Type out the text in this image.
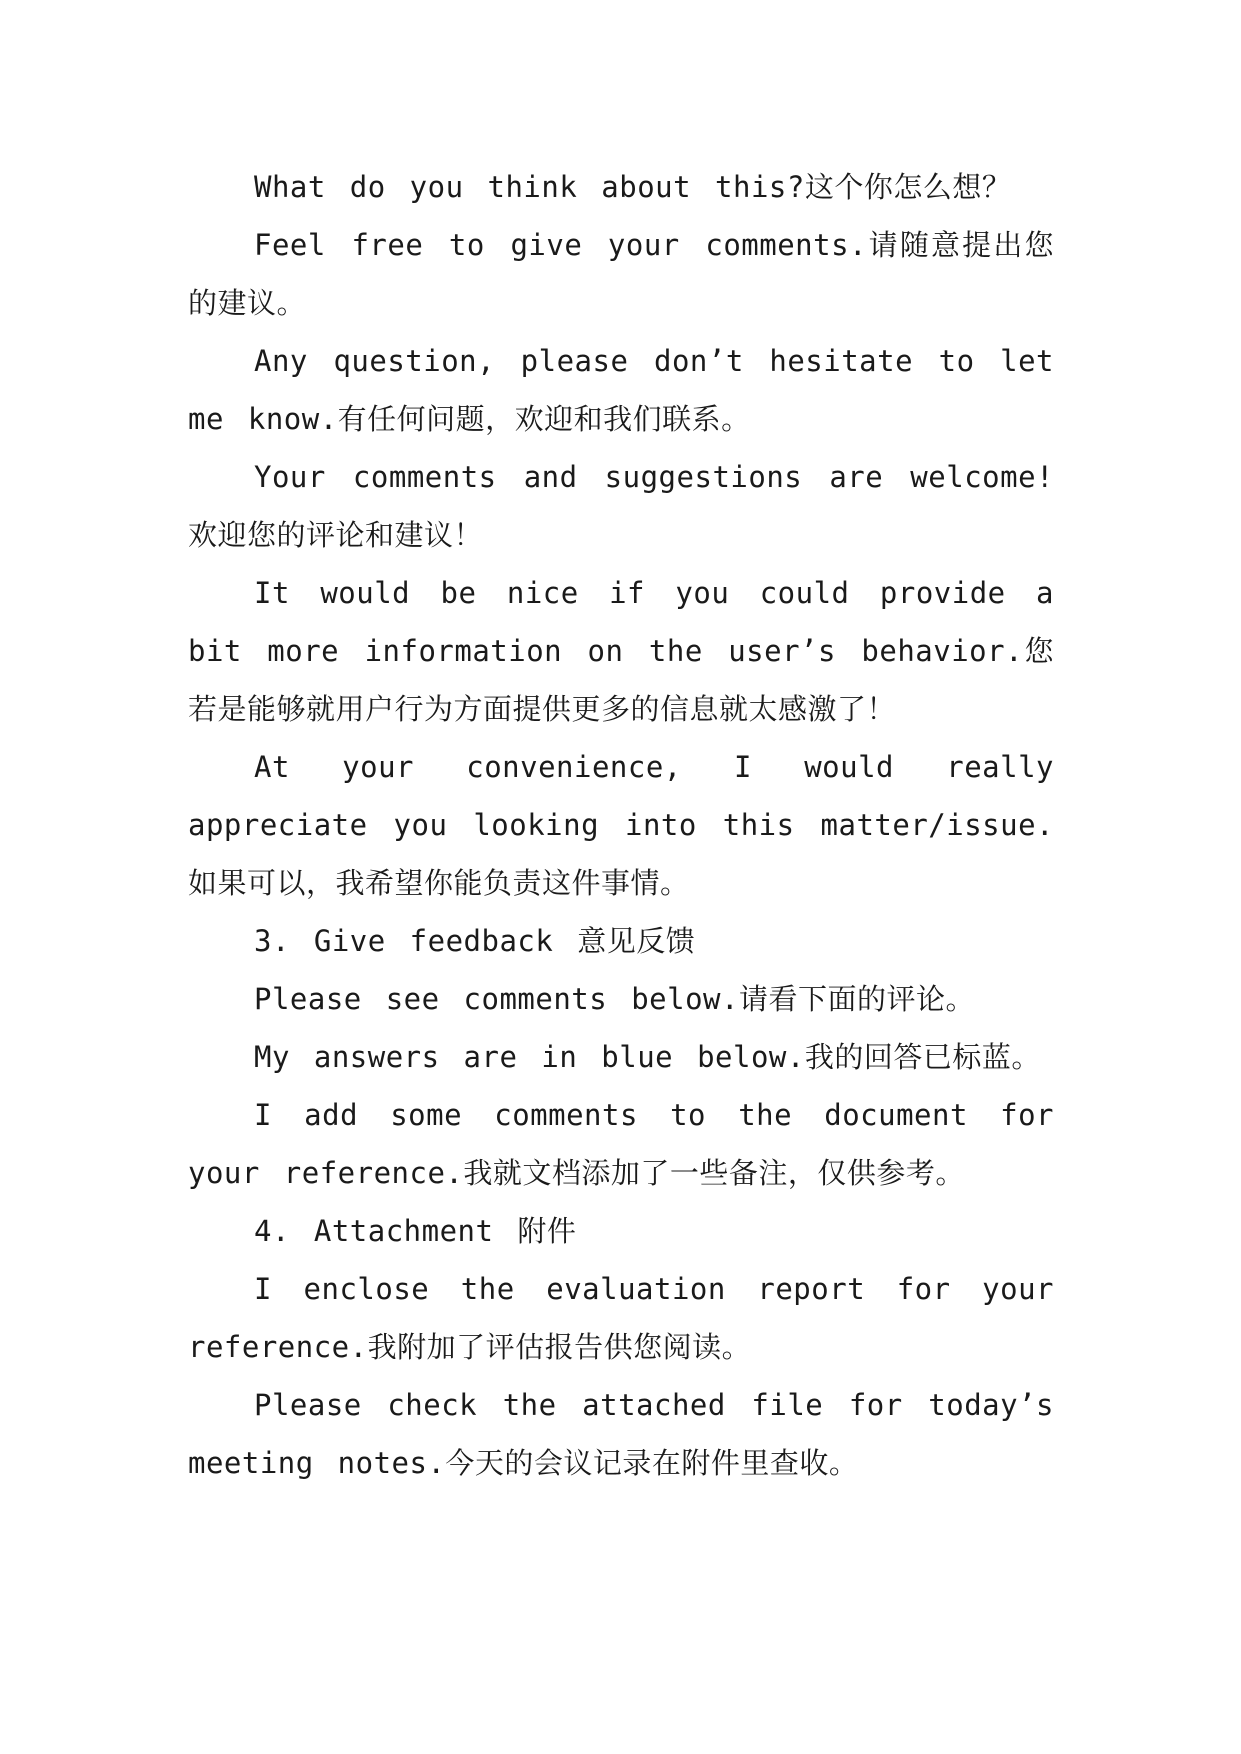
What do you think about this?这个你怎么想？

Feel free to give your comments.请随意提出您的建议。

Any question, please don’t hesitate to let me know.有任何问题，欢迎和我们联系。

Your comments and suggestions are welcome!欢迎您的评论和建议！

It would be nice if you could provide a bit more information on the user’s behavior.您若是能够就用户行为方面提供更多的信息就太感激了！

At your convenience, I would really appreciate you looking into this matter/issue.如果可以，我希望你能负责这件事情。

3. Give feedback 意见反馈

Please see comments below.请看下面的评论。

My answers are in blue below.我的回答已标蓝。

I add some comments to the document for your reference.我就文档添加了一些备注，仅供参考。

4. Attachment 附件

I enclose the evaluation report for your reference.我附加了评估报告供您阅读。

Please check the attached file for today’s meeting notes.今天的会议记录在附件里查收。
